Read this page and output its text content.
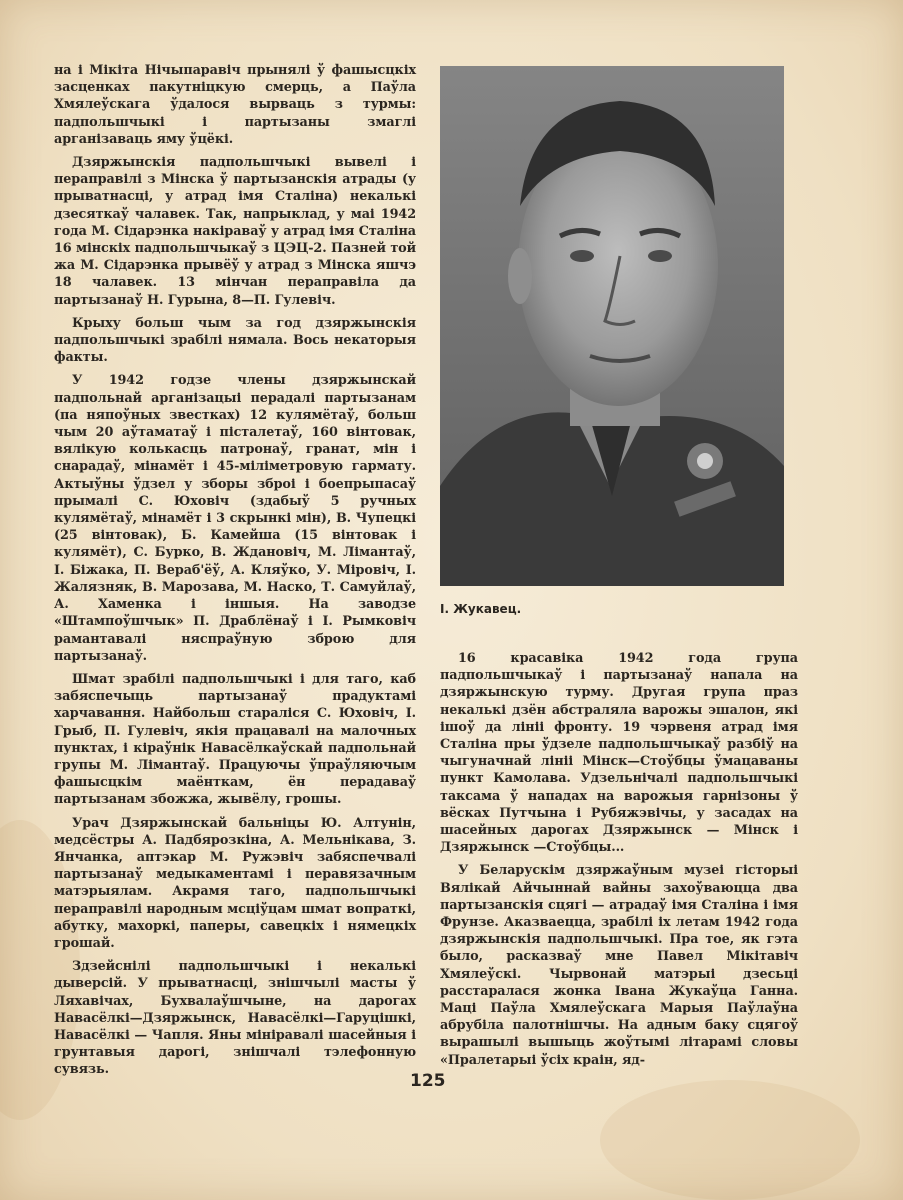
на і Мікіта Нічыпаравіч прынялі ў фашысцкіх засценках пакутніцкую смерць, а Паўла Хмялеўскага ўдалося вырваць з турмы: падпольшчыкі і партызаны змаглі арганізаваць яму ўцёкі.

Дзяржынскія падпольшчыкі вывелі і пераправілі з Мінска ў партызанскія атрады (у прыватнасці, у атрад імя Сталіна) некалькі дзесяткаў чалавек. Так, напрыклад, у маі 1942 года М. Сідарэнка накіраваў у атрад імя Сталіна 16 мінскіх падпольшчыкаў з ЦЭЦ-2. Пазней той жа М. Сідарэнка прывёў у атрад з Мінска яшчэ 18 чалавек. 13 мінчан пераправіла да партызанаў Н. Гурына, 8—П. Гулевіч.

Крыху больш чым за год дзяржынскія падпольшчыкі зрабілі нямала. Вось некаторыя факты.

У 1942 годзе члены дзяржынскай падпольнай арганізацыі перадалі партызанам (па няпоўных звестках) 12 кулямётаў, больш чым 20 аўтаматаў і пісталетаў, 160 вінтовак, вялікую колькасць патронаў, гранат, мін і снарадаў, мінамёт і 45-міліметровую гармату. Актыўны ўдзел у зборы зброі і боепрыпасаў прымалі С. Юховіч (здабыў 5 ручных кулямётаў, мінамёт і 3 скрынкі мін), В. Чупецкі (25 вінтовак), Б. Камейша (15 вінтовак і кулямёт), С. Бурко, В. Ждановіч, М. Лімантаў, І. Біжака, П. Вераб'ёў, А. Кляўко, У. Міровіч, І. Жалязняк, В. Марозава, М. Наско, Т. Самуйлаў, А. Хаменка і іншыя. На заводзе «Штампоўшчык» П. Драблёнаў і І. Рымковіч рамантавалі няспраўную зброю для партызанаў.

Шмат зрабілі падпольшчыкі і для таго, каб забяспечыць партызанаў прадуктамі харчавання. Найбольш стараліся С. Юховіч, І. Грыб, П. Гулевіч, якія працавалі на малочных пунктах, і кіраўнік Навасёлкаўскай падпольнай групы М. Лімантаў. Працуючы ўпраўляючым фашысцкім маёнткам, ён перадаваў партызанам збожжа, жывёлу, грошы.

Урач Дзяржынскай бальніцы Ю. Алтунін, медсёстры А. Падбярозкіна, А. Мельнікава, З. Янчанка, аптэкар М. Ружэвіч забяспечвалі партызанаў медыкаментамі і перавязачным матэрыялам. Акрамя таго, падпольшчыкі пераправілі народным мсціўцам шмат вопраткі, абутку, махоркі, паперы, савецкіх і нямецкіх грошай.

Здзейснілі падпольшчыкі і некалькі дыверсій. У прыватнасці, знішчылі масты ў Ляхавічах, Бухвалаўшчыне, на дарогах Навасёлкі—Дзяржынск, Навасёлкі—Гаруцішкі, Навасёлкі — Чапля. Яны мініравалі шасейныя і грунтавыя дарогі, знішчалі тэлефонную сувязь.

І. Жукавец.

16 красавіка 1942 года група падпольшчыкаў і партызанаў напала на дзяржынскую турму. Другая група праз некалькі дзён абстраляла варожы эшалон, які ішоў да лініі фронту. 19 чэрвеня атрад імя Сталіна пры ўдзеле падпольшчыкаў разбіў на чыгуначнай лініі Мінск—Стоўбцы ўмацаваны пункт Камолава. Удзельнічалі падпольшчыкі таксама ў нападах на варожыя гарнізоны ў вёсках Путчына і Рубяжэвічы, у засадах на шасейных дарогах Дзяржынск — Мінск і Дзяржынск —Стоўбцы...

У Беларускім дзяржаўным музеі гісторыі Вялікай Айчыннай вайны захоўваюцца два партызанскія сцягі — атрадаў імя Сталіна і імя Фрунзе. Аказваецца, зрабілі іх летам 1942 года дзяржынскія падпольшчыкі. Пра тое, як гэта было, расказваў мне Павел Мікітавіч Хмялеўскі. Чырвонай матэрыі дзесьці расстаралася жонка Івана Жукаўца Ганна. Маці Паўла Хмялеўскага Марыя Паўлаўна абрубіла палотнішчы. На адным баку сцягоў вырашылі вышыць жоўтымі літарамі словы «Пралетарыі ўсіх краін, яд-

125
